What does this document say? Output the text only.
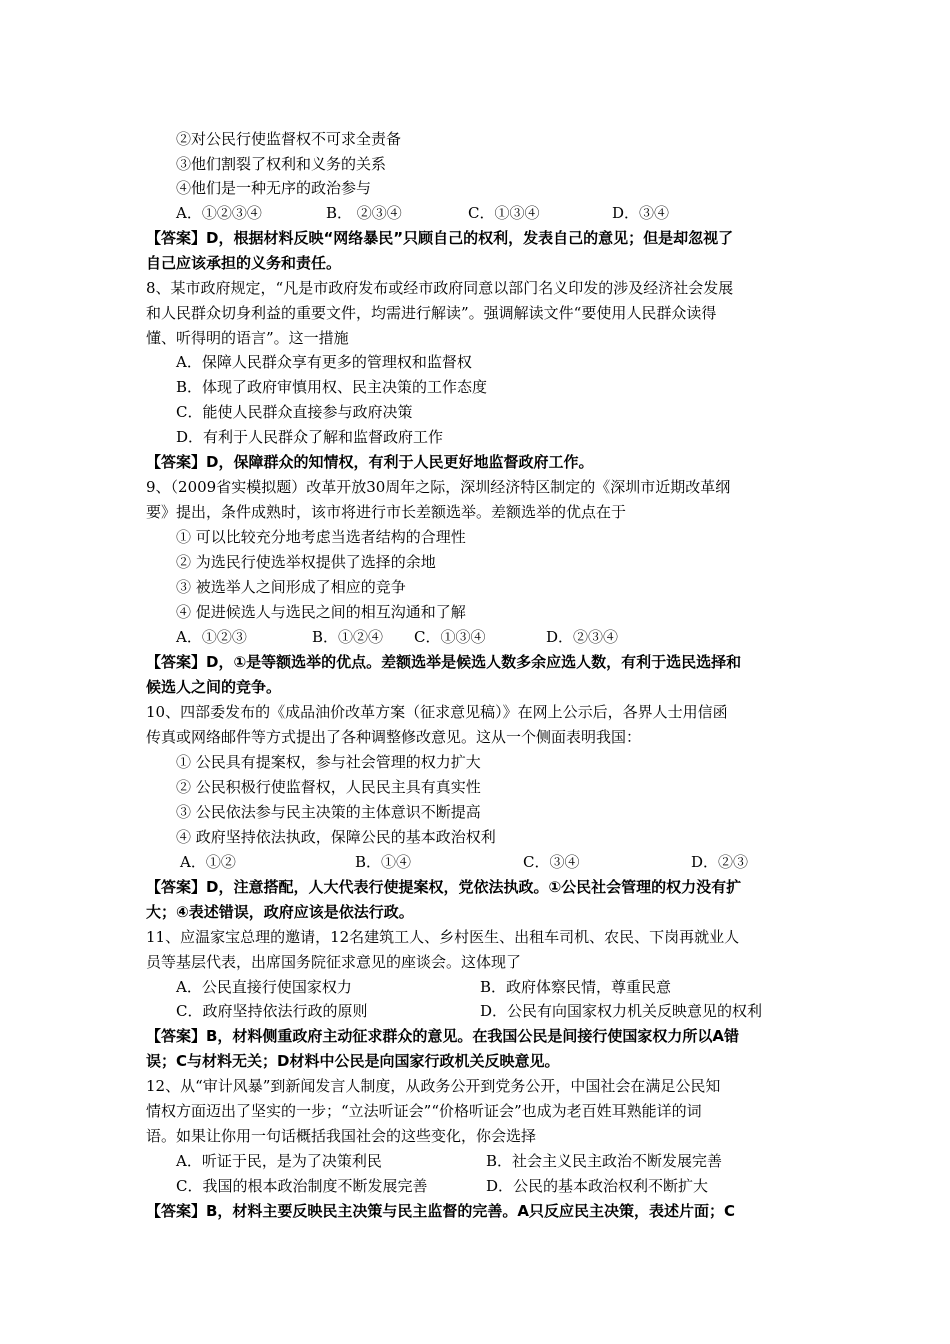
②对公民行使监督权不可求全责备
③他们割裂了权利和义务的关系
④他们是一种无序的政治参与
A．①②③④	B． ②③④	C．①③④	D．③④
【答案】D，根据材料反映“网络暴民”只顾自己的权利，发表自己的意见；但是却忽视了
自己应该承担的义务和责任。
8、某市政府规定，“凡是市政府发布或经市政府同意以部门名义印发的涉及经济社会发展
和人民群众切身利益的重要文件，均需进行解读”。强调解读文件“要使用人民群众读得
懂、听得明的语言”。这一措施
A．保障人民群众享有更多的管理权和监督权
B．体现了政府审慎用权、民主决策的工作态度
C．能使人民群众直接参与政府决策
D．有利于人民群众了解和监督政府工作
【答案】D，保障群众的知情权，有利于人民更好地监督政府工作。
9、（2009省实模拟题）改革开放30周年之际，深圳经济特区制定的《深圳市近期改革纲
要》提出，条件成熟时，该市将进行市长差额选举。差额选举的优点在于
① 可以比较充分地考虑当选者结构的合理性
② 为选民行使选举权提供了选择的余地
③ 被选举人之间形成了相应的竞争
④ 促进候选人与选民之间的相互沟通和了解
A．①②③	B．①②④ C．①③④	D．②③④
【答案】D，①是等额选举的优点。差额选举是候选人数多余应选人数，有利于选民选择和
候选人之间的竞争。
10、四部委发布的《成品油价改革方案（征求意见稿）》在网上公示后，各界人士用信函
传真或网络邮件等方式提出了各种调整修改意见。这从一个侧面表明我国：
① 公民具有提案权，参与社会管理的权力扩大
② 公民积极行使监督权，人民民主具有真实性
③ 公民依法参与民主决策的主体意识不断提高
④ 政府坚持依法执政，保障公民的基本政治权利
A．①②	B．①④	C．③④	D．②③
【答案】D，注意搭配，人大代表行使提案权，党依法执政。①公民社会管理的权力没有扩
大；④表述错误，政府应该是依法行政。
11、应温家宝总理的邀请，12名建筑工人、乡村医生、出租车司机、农民、下岗再就业人
员等基层代表，出席国务院征求意见的座谈会。这体现了
A．公民直接行使国家权力	B．政府体察民情，尊重民意
C．政府坚持依法行政的原则	D．公民有向国家权力机关反映意见的权利
【答案】B，材料侧重政府主动征求群众的意见。在我国公民是间接行使国家权力所以A错
误；C与材料无关；D材料中公民是向国家行政机关反映意见。
12、从“审计风暴”到新闻发言人制度，从政务公开到党务公开，中国社会在满足公民知
情权方面迈出了坚实的一步；“立法听证会”“价格听证会”也成为老百姓耳熟能详的词
语。如果让你用一句话概括我国社会的这些变化，你会选择
A．听证于民，是为了决策利民	B．社会主义民主政治不断发展完善
C．我国的根本政治制度不断发展完善	D．公民的基本政治权利不断扩大
【答案】B，材料主要反映民主决策与民主监督的完善。A只反应民主决策，表述片面；C
